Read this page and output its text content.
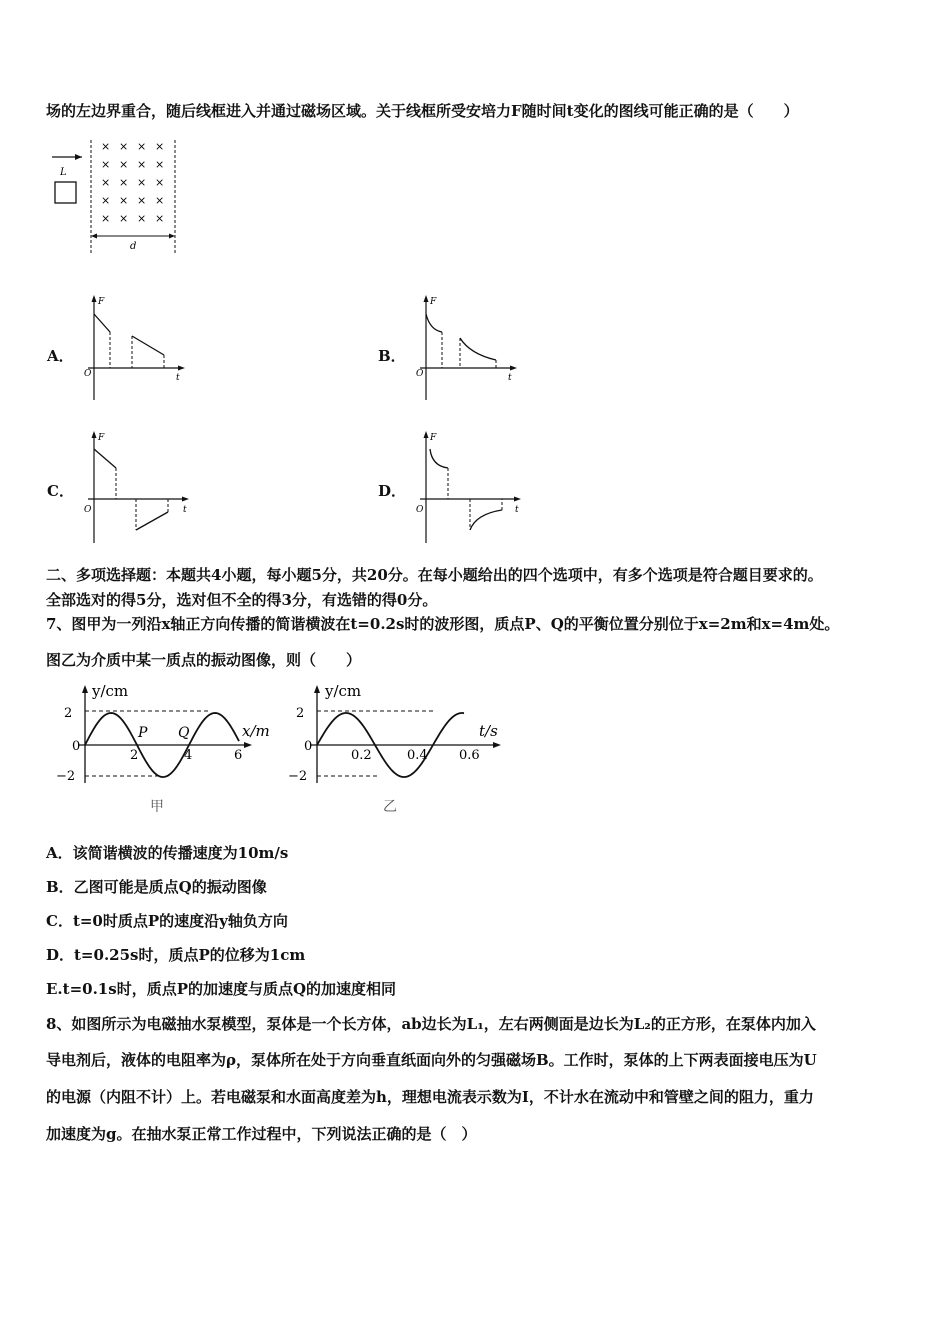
场的左边界重合，随后线框进入并通过磁场区域。关于线框所受安培力F随时间t变化的图线可能正确的是（　　）
L
× × × ×
× × × ×
× × × ×
× × × ×
× × × ×
d
A．	B．
C．	D．
F
t
O
F
t
O
F
t
O
F
t
O
二、多项选择题：本题共4小题，每小题5分，共20分。在每小题给出的四个选项中，有多个选项是符合题目要求的。
全部选对的得5分，选对但不全的得3分，有选错的得0分。
7、图甲为一列沿x轴正方向传播的简谐横波在t=0.2s时的波形图，质点P、Q的平衡位置分别位于x=2m和x=4m处。
图乙为介质中某一质点的振动图像，则（　　）
y/cm
x/m
2
0
−2
2	4	6
P Q
甲
y/cm
t/s
2
0
−2
0.2	0.4 0.6
乙
A．该简谐横波的传播速度为10m/s
B．乙图可能是质点Q的振动图像
C．t=0时质点P的速度沿y轴负方向
D．t=0.25s时，质点P的位移为1cm
E.t=0.1s时，质点P的加速度与质点Q的加速度相同
8、如图所示为电磁抽水泵模型，泵体是一个长方体，ab边长为L₁，左右两侧面是边长为L₂的正方形，在泵体内加入
导电剂后，液体的电阻率为ρ，泵体所在处于方向垂直纸面向外的匀强磁场B。工作时，泵体的上下两表面接电压为U
的电源（内阻不计）上。若电磁泵和水面高度差为h，理想电流表示数为I，不计水在流动中和管壁之间的阻力，重力
加速度为g。在抽水泵正常工作过程中，下列说法正确的是（　）
